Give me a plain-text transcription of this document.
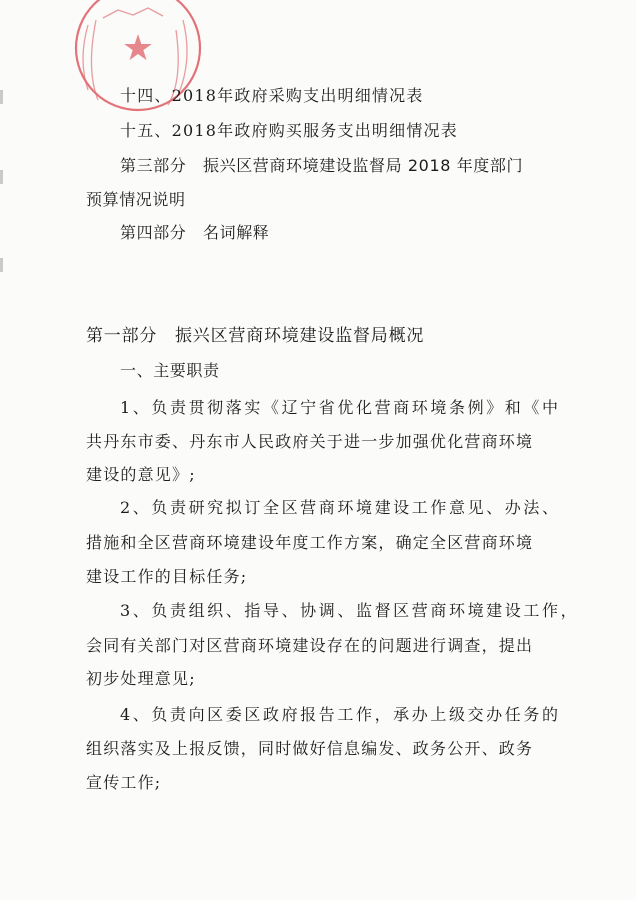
★
十四、2018年政府采购支出明细情况表
十五、2018年政府购买服务支出明细情况表
第三部分　振兴区营商环境建设监督局 2018 年度部门
预算情况说明
第四部分　名词解释
第一部分　振兴区营商环境建设监督局概况
一、主要职责
1、负责贯彻落实《辽宁省优化营商环境条例》和《中
共丹东市委、丹东市人民政府关于进一步加强优化营商环境
建设的意见》;
2、负责研究拟订全区营商环境建设工作意见、办法、
措施和全区营商环境建设年度工作方案，确定全区营商环境
建设工作的目标任务;
3、负责组织、指导、协调、监督区营商环境建设工作，
会同有关部门对区营商环境建设存在的问题进行调查，提出
初步处理意见;
4、负责向区委区政府报告工作，承办上级交办任务的
组织落实及上报反馈，同时做好信息编发、政务公开、政务
宣传工作;
